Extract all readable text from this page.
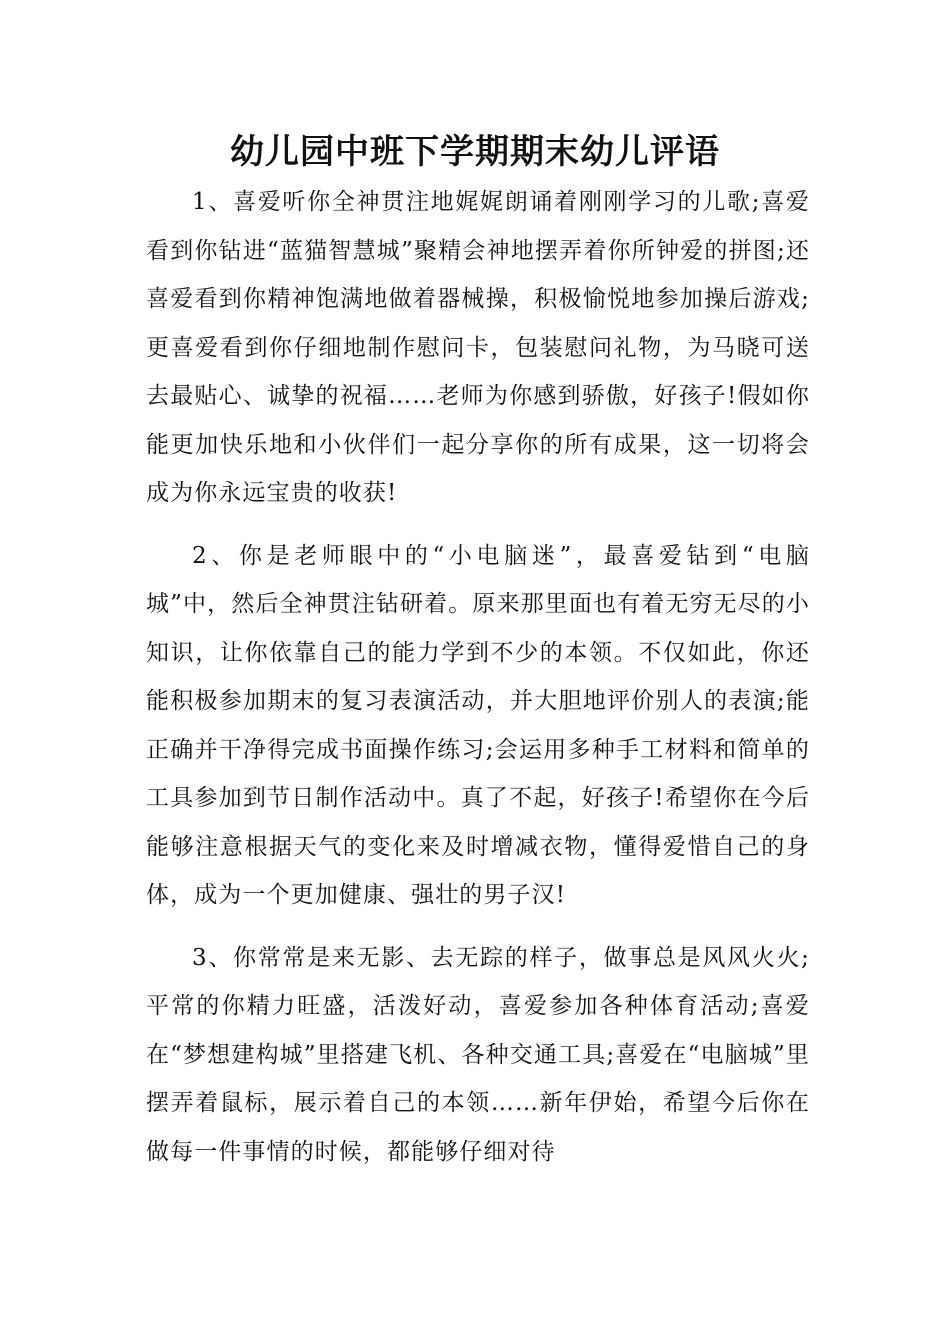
幼儿园中班下学期期末幼儿评语

1、喜爱听你全神贯注地娓娓朗诵着刚刚学习的儿歌;喜爱看到你钻进“蓝猫智慧城”聚精会神地摆弄着你所钟爱的拼图;还喜爱看到你精神饱满地做着器械操，积极愉悦地参加操后游戏;更喜爱看到你仔细地制作慰问卡，包装慰问礼物，为马晓可送去最贴心、诚挚的祝福……老师为你感到骄傲，好孩子!假如你能更加快乐地和小伙伴们一起分享你的所有成果，这一切将会成为你永远宝贵的收获!

2、你是老师眼中的“小电脑迷”，最喜爱钻到“电脑城”中，然后全神贯注钻研着。原来那里面也有着无穷无尽的小知识，让你依靠自己的能力学到不少的本领。不仅如此，你还能积极参加期末的复习表演活动，并大胆地评价别人的表演;能正确并干净得完成书面操作练习;会运用多种手工材料和简单的工具参加到节日制作活动中。真了不起，好孩子!希望你在今后能够注意根据天气的变化来及时增减衣物，懂得爱惜自己的身体，成为一个更加健康、强壮的男子汉!

3、你常常是来无影、去无踪的样子，做事总是风风火火;平常的你精力旺盛，活泼好动，喜爱参加各种体育活动;喜爱在“梦想建构城”里搭建飞机、各种交通工具;喜爱在“电脑城”里摆弄着鼠标，展示着自己的本领……新年伊始，希望今后你在做每一件事情的时候，都能够仔细对待
